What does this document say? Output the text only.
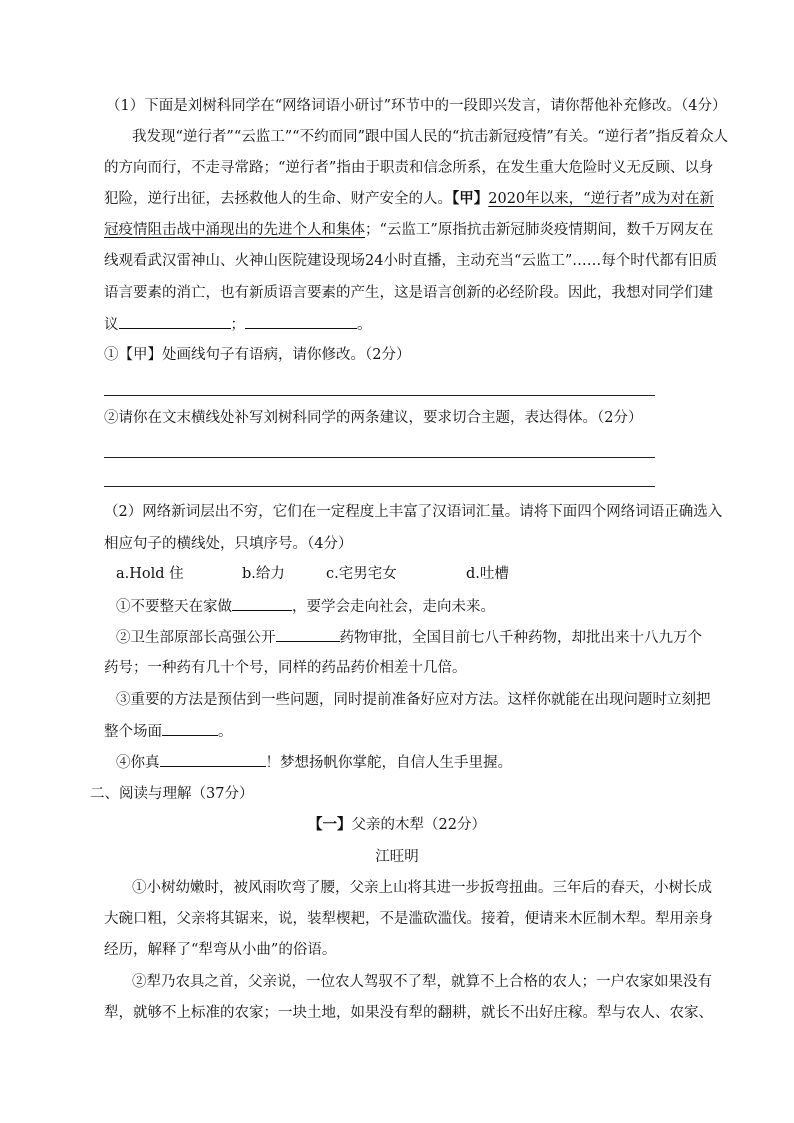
（1）下面是刘树科同学在“网络词语小研讨”环节中的一段即兴发言，请你帮他补充修改。（4分）
我发现“逆行者”“云监工”“不约而同”跟中国人民的“抗击新冠疫情”有关。“逆行者”指反着众人
的方向而行，不走寻常路；“逆行者”指由于职责和信念所系，在发生重大危险时义无反顾、以身
犯险，逆行出征，去拯救他人的生命、财产安全的人。【甲】2020年以来，“逆行者”成为对在新
冠疫情阻击战中涌现出的先进个人和集体；“云监工”原指抗击新冠肺炎疫情期间，数千万网友在
线观看武汉雷神山、火神山医院建设现场24小时直播，主动充当“云监工”……每个时代都有旧质
语言要素的消亡，也有新质语言要素的产生，这是语言创新的必经阶段。因此，我想对同学们建
议	；	。
①【甲】处画线句子有语病，请你修改。（2分）
②请你在文末横线处补写刘树科同学的两条建议，要求切合主题，表达得体。（2分）
（2）网络新词层出不穷，它们在一定程度上丰富了汉语词汇量。请将下面四个网络词语正确选入
相应句子的横线处，只填序号。（4分）
a.Hold 住	b.给力	c.宅男宅女	d.吐槽
①不要整天在家做	，要学会走向社会，走向未来。
②卫生部原部长高强公开	药物审批，全国目前七八千种药物，却批出来十八九万个
药号；一种药有几十个号，同样的药品药价相差十几倍。
③重要的方法是预估到一些问题，同时提前准备好应对方法。这样你就能在出现问题时立刻把
整个场面	。
④你真	！梦想扬帆你掌舵，自信人生手里握。
二、阅读与理解（37分）
【一】父亲的木犁（22分）
江旺明
①小树幼嫩时，被风雨吹弯了腰，父亲上山将其进一步扳弯扭曲。三年后的春天，小树长成
大碗口粗，父亲将其锯来，说，装犁楔耙，不是滥砍滥伐。接着，便请来木匠制木犁。犁用亲身
经历，解释了“犁弯从小曲”的俗语。
②犁乃农具之首，父亲说，一位农人驾驭不了犁，就算不上合格的农人；一户农家如果没有
犁，就够不上标准的农家；一块土地，如果没有犁的翻耕，就长不出好庄稼。犁与农人、农家、
